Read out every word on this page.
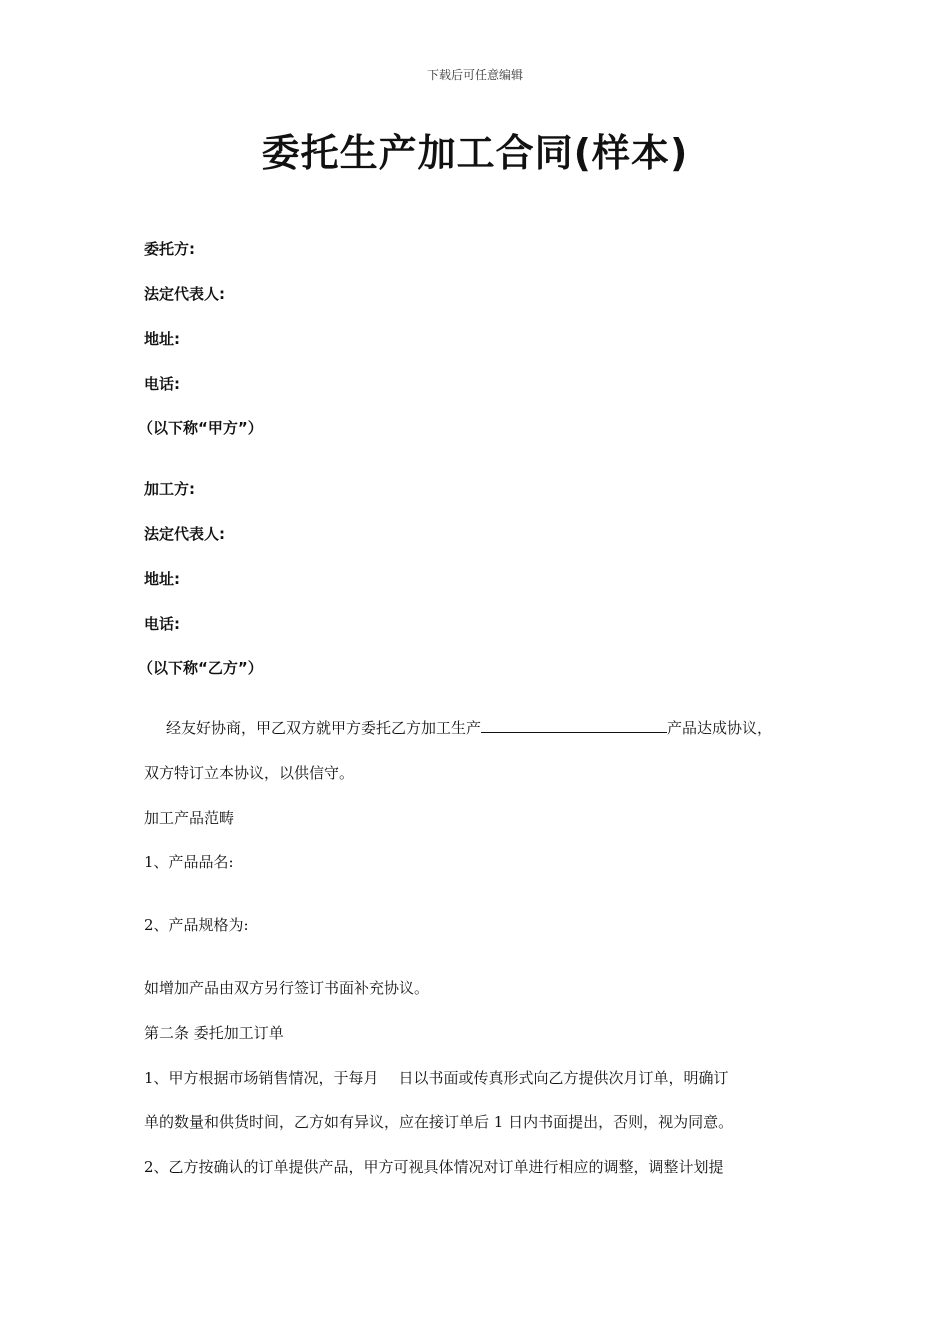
下载后可任意编辑
委托生产加工合同(样本)
委托方:
法定代表人:
地址:
电话:
（以下称“甲方”）
加工方:
法定代表人:
地址:
电话:
（以下称“乙方”）
经友好协商，甲乙双方就甲方委托乙方加工生产	产品达成协议，
双方特订立本协议，以供信守。
加工产品范畴
1、产品品名:
2、产品规格为:
如增加产品由双方另行签订书面补充协议。
第二条 委托加工订单
1、甲方根据市场销售情况，于每月 日以书面或传真形式向乙方提供次月订单，明确订
单的数量和供货时间，乙方如有异议，应在接订单后 1 日内书面提出，否则，视为同意。
2、乙方按确认的订单提供产品，甲方可视具体情况对订单进行相应的调整，调整计划提
